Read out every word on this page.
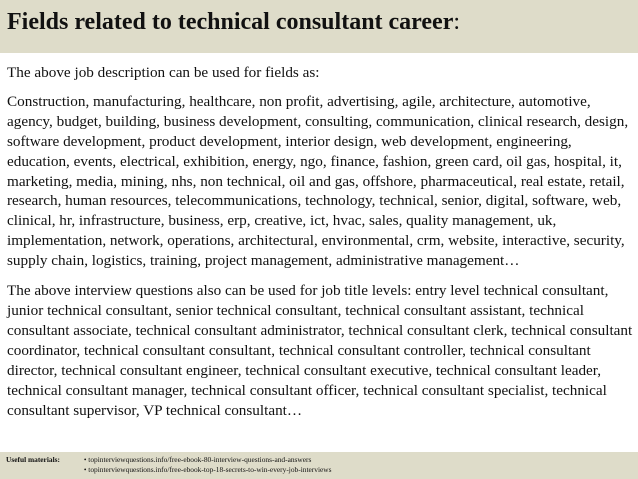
Fields related to technical consultant career:

The above job description can be used for fields as:

Construction, manufacturing, healthcare, non profit, advertising, agile, architecture, automotive, agency, budget, building, business development, consulting, communication, clinical research, design, software development, product development, interior design, web development, engineering, education, events, electrical, exhibition, energy, ngo, finance, fashion, green card, oil gas, hospital, it, marketing, media, mining, nhs, non technical, oil and gas, offshore, pharmaceutical, real estate, retail, research, human resources, telecommunications, technology, technical, senior, digital, software, web, clinical, hr, infrastructure, business, erp, creative, ict, hvac, sales, quality management, uk, implementation, network, operations, architectural, environmental, crm, website, interactive, security, supply chain, logistics, training, project management, administrative management…

The above interview questions also can be used for job title levels: entry level technical consultant, junior technical consultant, senior technical consultant, technical consultant assistant, technical consultant associate, technical consultant administrator, technical consultant clerk, technical consultant coordinator, technical consultant consultant, technical consultant controller, technical consultant director, technical consultant engineer, technical consultant executive, technical consultant leader, technical consultant manager, technical consultant officer, technical consultant specialist, technical consultant supervisor, VP technical consultant…

Useful materials:	• topinterviewquestions.info/free-ebook-80-interview-questions-and-answers
• topinterviewquestions.info/free-ebook-top-18-secrets-to-win-every-job-interviews
